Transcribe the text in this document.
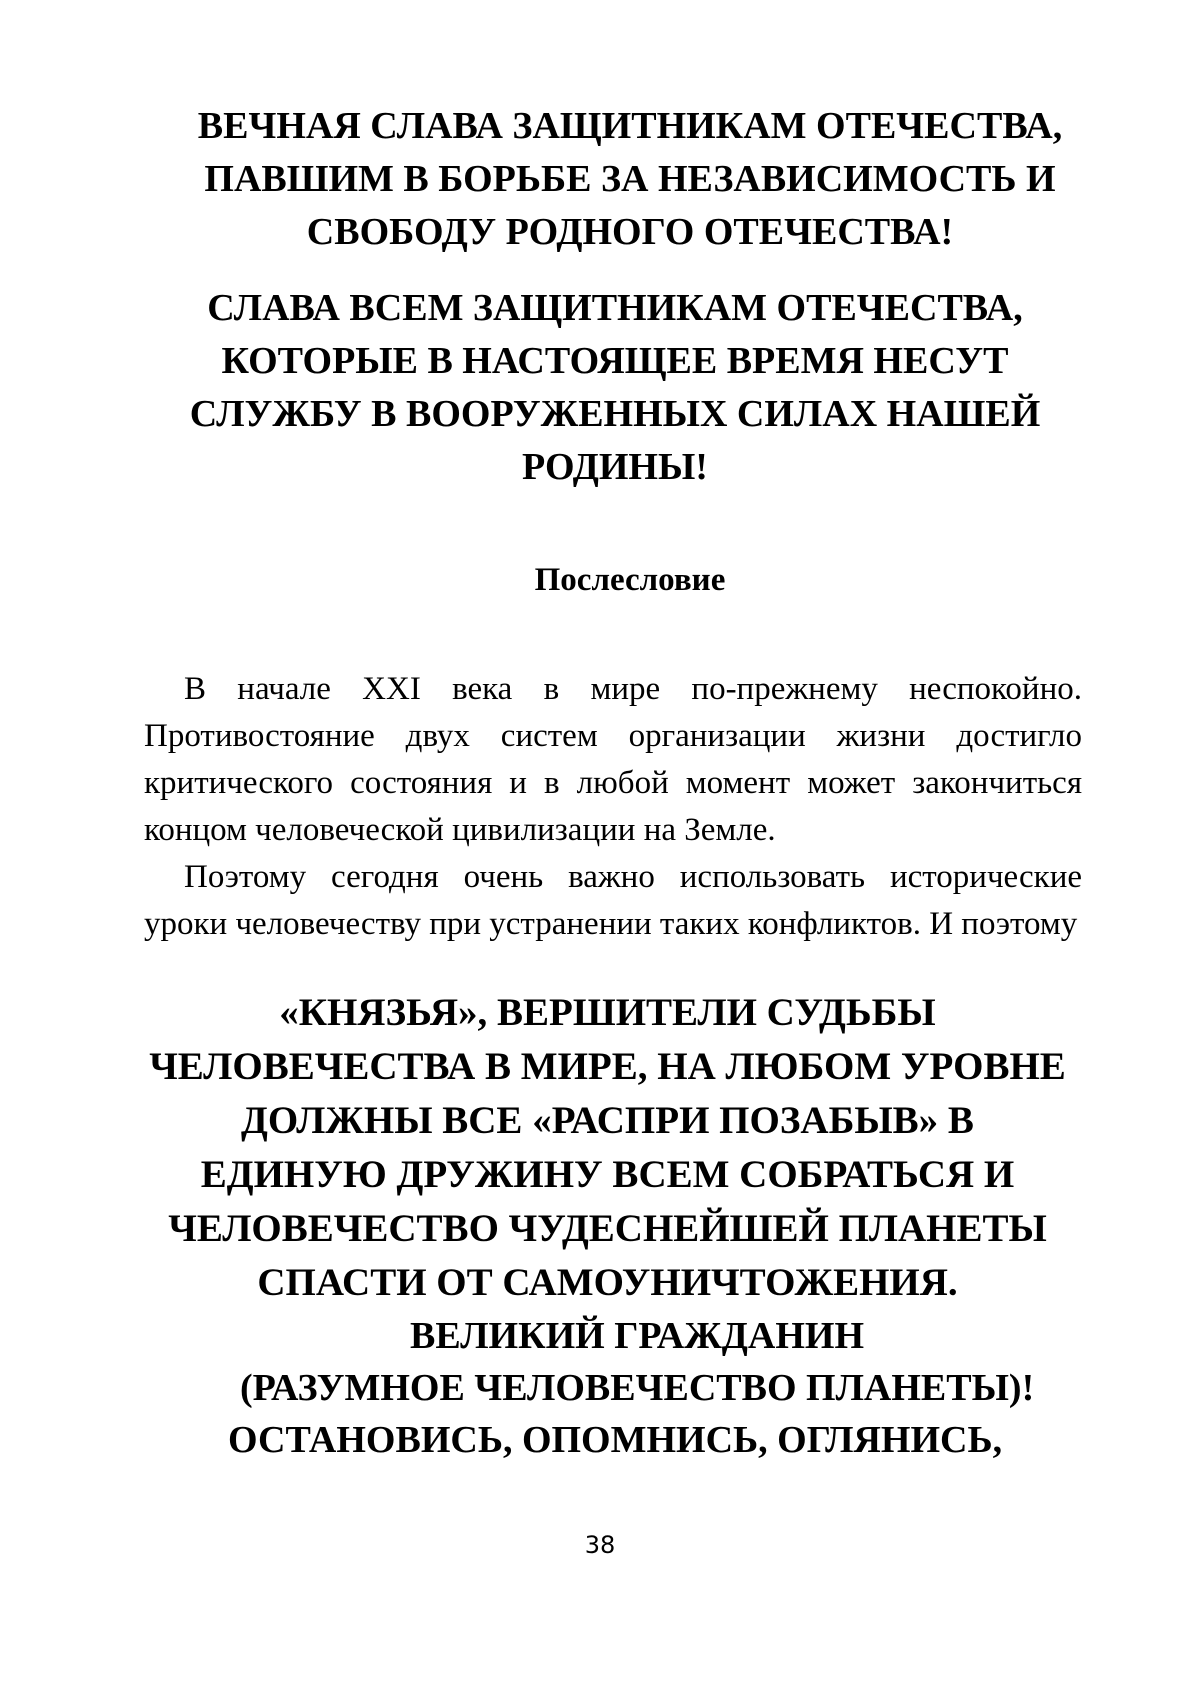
ВЕЧНАЯ СЛАВА ЗАЩИТНИКАМ ОТЕЧЕСТВА, ПАВШИМ В БОРЬБЕ ЗА НЕЗАВИСИМОСТЬ И СВОБОДУ РОДНОГО ОТЕЧЕСТВА!

СЛАВА ВСЕМ ЗАЩИТНИКАМ ОТЕЧЕСТВА, КОТОРЫЕ В НАСТОЯЩЕЕ ВРЕМЯ НЕСУТ СЛУЖБУ В ВООРУЖЕННЫХ СИЛАХ НАШЕЙ РОДИНЫ!

Послесловие

В начале XXI века в мире по-прежнему неспокойно. Противостояние двух систем организации жизни достигло критического состояния и в любой момент может закончиться концом человеческой цивилизации на Земле.

Поэтому сегодня очень важно использовать исторические уроки человечеству при устранении таких конфликтов. И поэтому

«КНЯЗЬЯ», ВЕРШИТЕЛИ СУДЬБЫ ЧЕЛОВЕЧЕСТВА В МИРЕ, НА ЛЮБОМ УРОВНЕ ДОЛЖНЫ ВСЕ «РАСПРИ ПОЗАБЫВ» В ЕДИНУЮ ДРУЖИНУ ВСЕМ СОБРАТЬСЯ И ЧЕЛОВЕЧЕСТВО ЧУДЕСНЕЙШЕЙ ПЛАНЕТЫ СПАСТИ ОТ САМОУНИЧТОЖЕНИЯ.

ВЕЛИКИЙ ГРАЖДАНИН

(РАЗУМНОЕ ЧЕЛОВЕЧЕСТВО ПЛАНЕТЫ)!

ОСТАНОВИСЬ, ОПОМНИСЬ, ОГЛЯНИСЬ,

38
